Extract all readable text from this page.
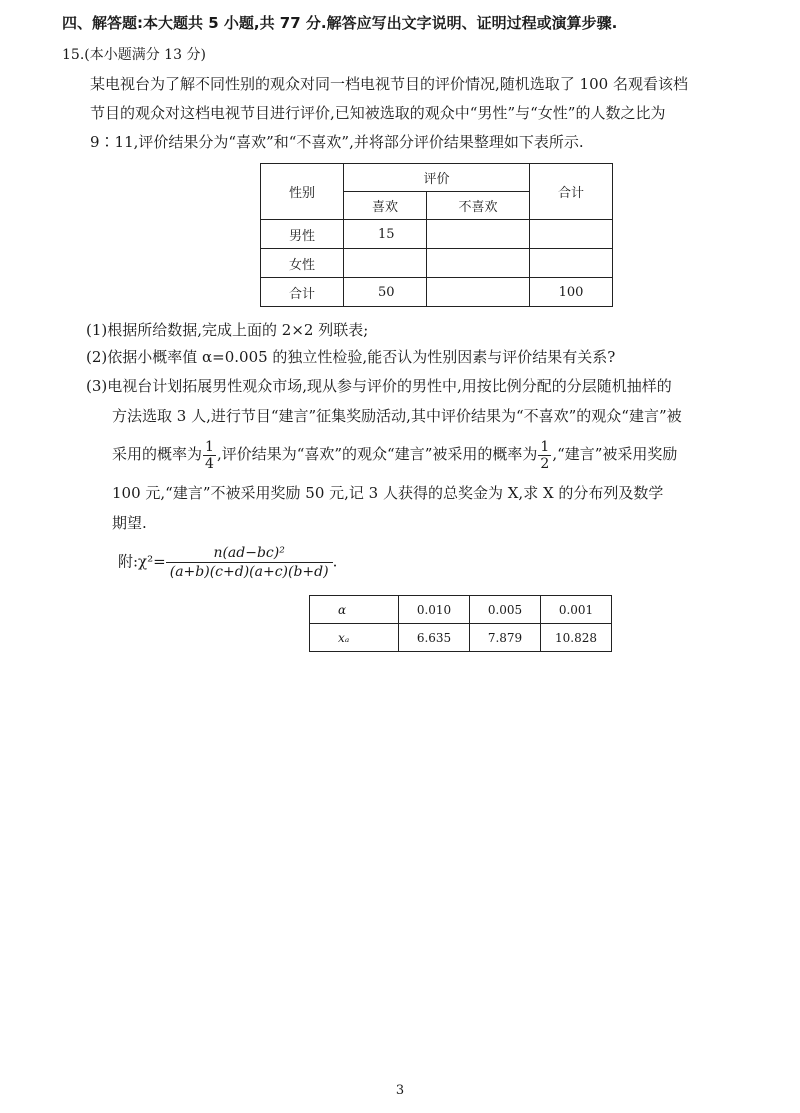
四、解答题:本大题共 5 小题,共 77 分.解答应写出文字说明、证明过程或演算步骤.
15.(本小题满分 13 分)

某电视台为了解不同性别的观众对同一档电视节目的评价情况,随机选取了 100 名观看该档

节目的观众对这档电视节目进行评价,已知被选取的观众中“男性”与“女性”的人数之比为

9∶11,评价结果分为“喜欢”和“不喜欢”,并将部分评价结果整理如下表所示.

性别	评价		合计
	喜欢	不喜欢	
男性	15		
女性			
合计	50		100

(1)根据所给数据,完成上面的 2×2 列联表;

(2)依据小概率值 α=0.005 的独立性检验,能否认为性别因素与评价结果有关系?

(3)电视台计划拓展男性观众市场,现从参与评价的男性中,用按比例分配的分层随机抽样的

方法选取 3 人,进行节目“建言”征集奖励活动,其中评价结果为“不喜欢”的观众“建言”被

采用的概率为 $\frac{1}{4}$ ,评价结果为“喜欢”的观众“建言”被采用的概率为 $\frac{1}{2}$ ,“建言”被采用奖励

100 元,“建言”不被采用奖励 50 元,记 3 人获得的总奖金为 X,求 X 的分布列及数学

期望.

附:χ²= $\frac{\text{n(ad−bc)²}}{(a+b)(c+d)(a+c)(b+d)}$ .
α	0.010	0.005	0.001
xₐ	6.635	7.879	10.828
3
